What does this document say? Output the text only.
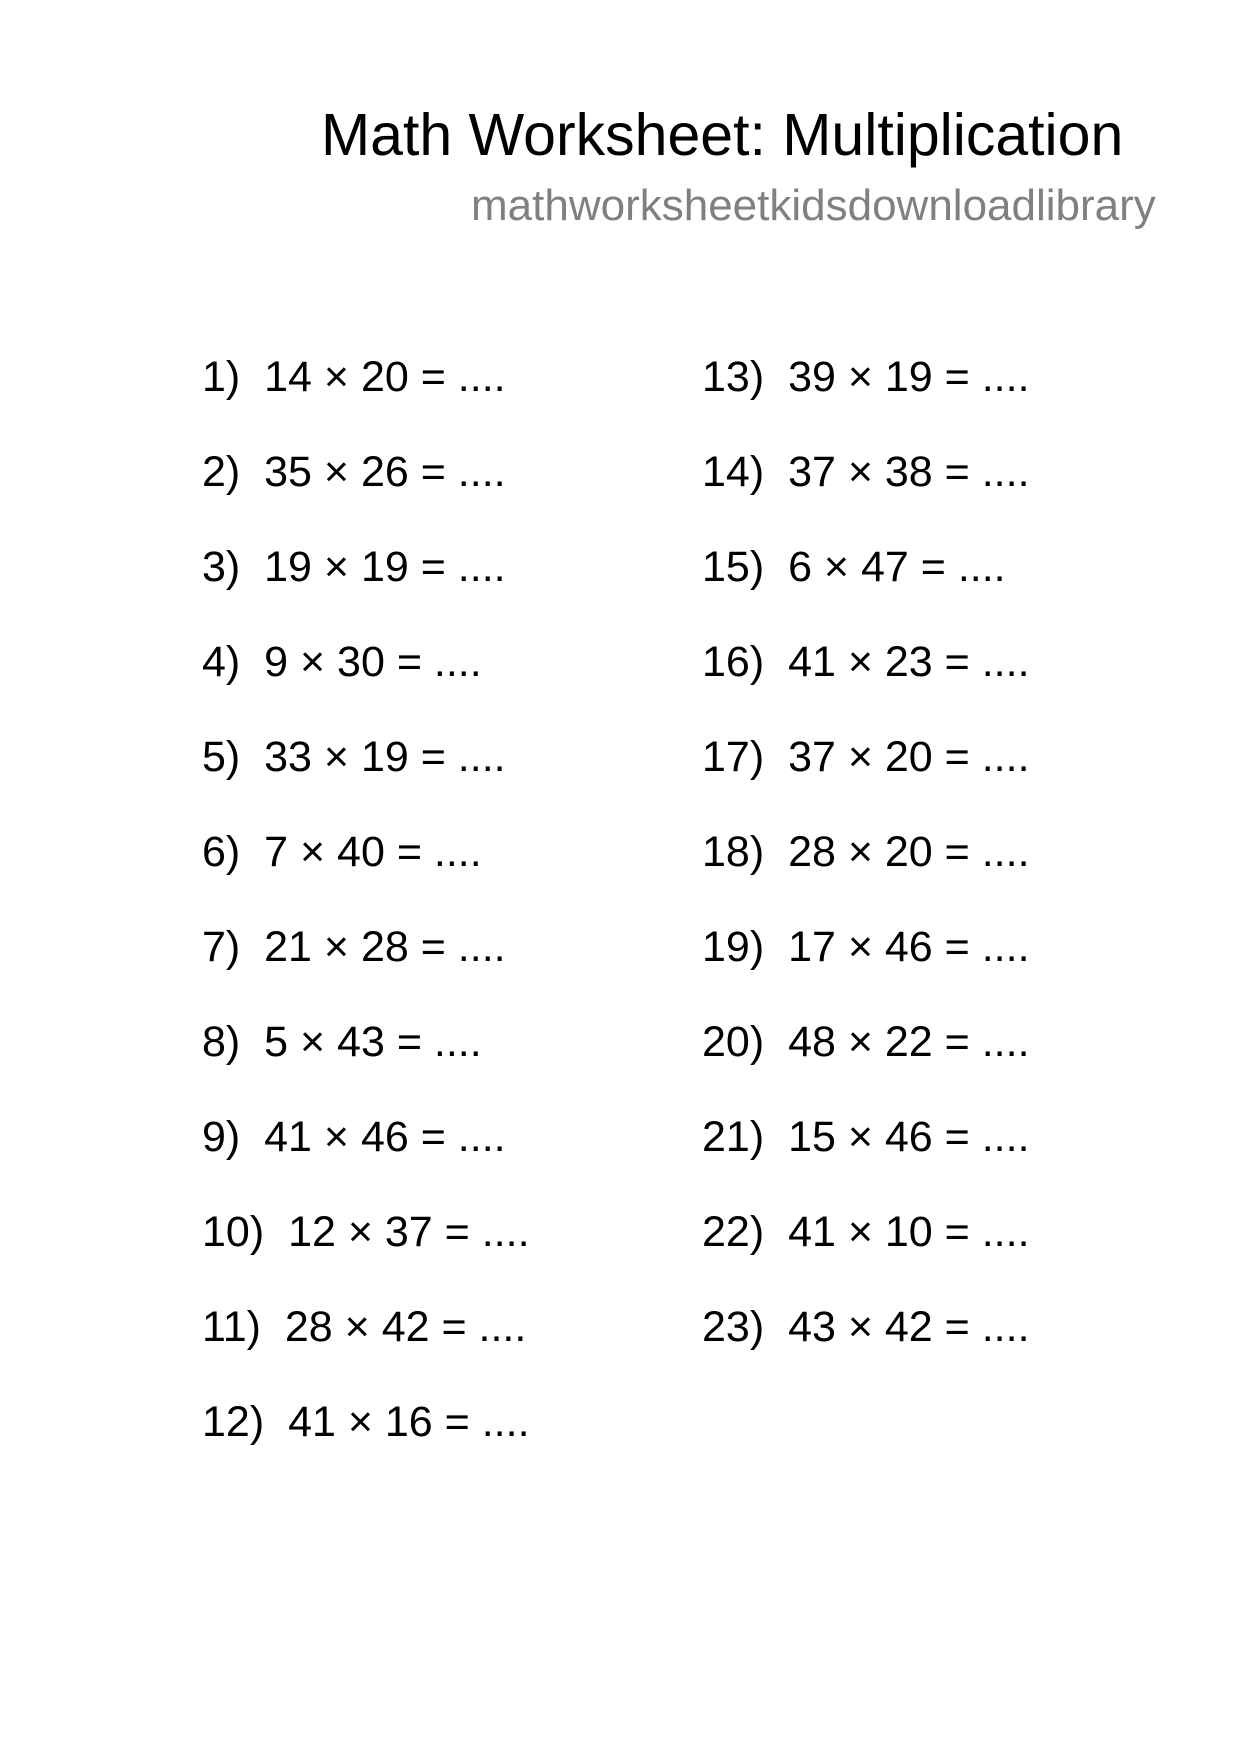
Math Worksheet: Multiplication
mathworksheetkidsdownloadlibrary
1) 14 × 20 = ....
2) 35 × 26 = ....
3) 19 × 19 = ....
4) 9 × 30 = ....
5) 33 × 19 = ....
6) 7 × 40 = ....
7) 21 × 28 = ....
8) 5 × 43 = ....
9) 41 × 46 = ....
10) 12 × 37 = ....
11) 28 × 42 = ....
12) 41 × 16 = ....
13) 39 × 19 = ....
14) 37 × 38 = ....
15) 6 × 47 = ....
16) 41 × 23 = ....
17) 37 × 20 = ....
18) 28 × 20 = ....
19) 17 × 46 = ....
20) 48 × 22 = ....
21) 15 × 46 = ....
22) 41 × 10 = ....
23) 43 × 42 = ....
